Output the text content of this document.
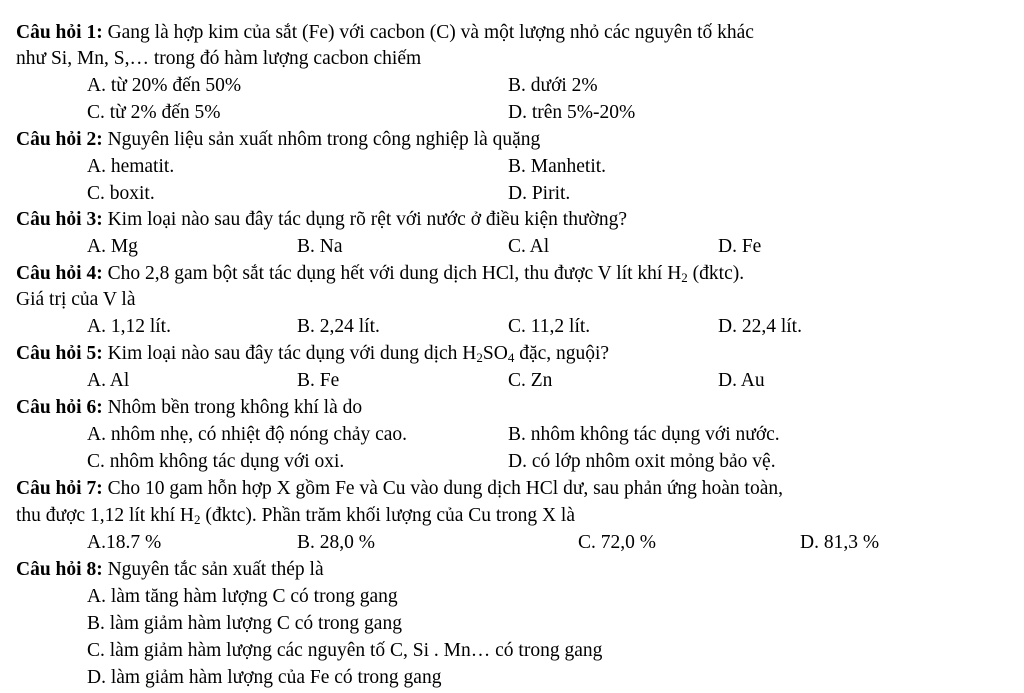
Câu hỏi 1: Gang là hợp kim của sắt (Fe) với cacbon (C) và một lượng nhỏ các nguyên tố khác
như Si, Mn, S,… trong đó hàm lượng cacbon chiếm
A. từ 20% đến 50%	B. dưới 2%
C. từ 2% đến 5%	D. trên 5%-20%
Câu hỏi 2: Nguyên liệu sản xuất nhôm trong công nghiệp là quặng
A. hematit.	B. Manhetit.
C. boxit.	D. Pirit.
Câu hỏi 3: Kim loại nào sau đây tác dụng rõ rệt với nước ở điều kiện thường?
A. Mg	B. Na	C. Al	D. Fe
Câu hỏi 4: Cho 2,8 gam bột sắt tác dụng hết với dung dịch HCl, thu được V lít khí $H_2$ (đktc).
Giá trị của V là
A. 1,12 lít.	B. 2,24 lít.	C. 11,2 lít.	D. 22,4 lít.
Câu hỏi 5: Kim loại nào sau đây tác dụng với dung dịch $H_2SO_4$ đặc, nguội?
A. Al	B. Fe	C. Zn	D. Au
Câu hỏi 6: Nhôm bền trong không khí là do
A. nhôm nhẹ, có nhiệt độ nóng chảy cao.	B. nhôm không tác dụng với nước.
C. nhôm không tác dụng với oxi.	D. có lớp nhôm oxit mỏng bảo vệ.
Câu hỏi 7: Cho 10 gam hỗn hợp X gồm Fe và Cu vào dung dịch HCl dư, sau phản ứng hoàn toàn,
thu được 1,12 lít khí $H_2$ (đktc). Phần trăm khối lượng của Cu trong X là
A.18.7 %	B. 28,0 %	C. 72,0 %	D. 81,3 %
Câu hỏi 8: Nguyên tắc sản xuất thép là
A. làm tăng hàm lượng C có trong gang
B. làm giảm hàm lượng C có trong gang
C. làm giảm hàm lượng các nguyên tố C, Si . Mn… có trong gang
D. làm giảm hàm lượng của Fe có trong gang
